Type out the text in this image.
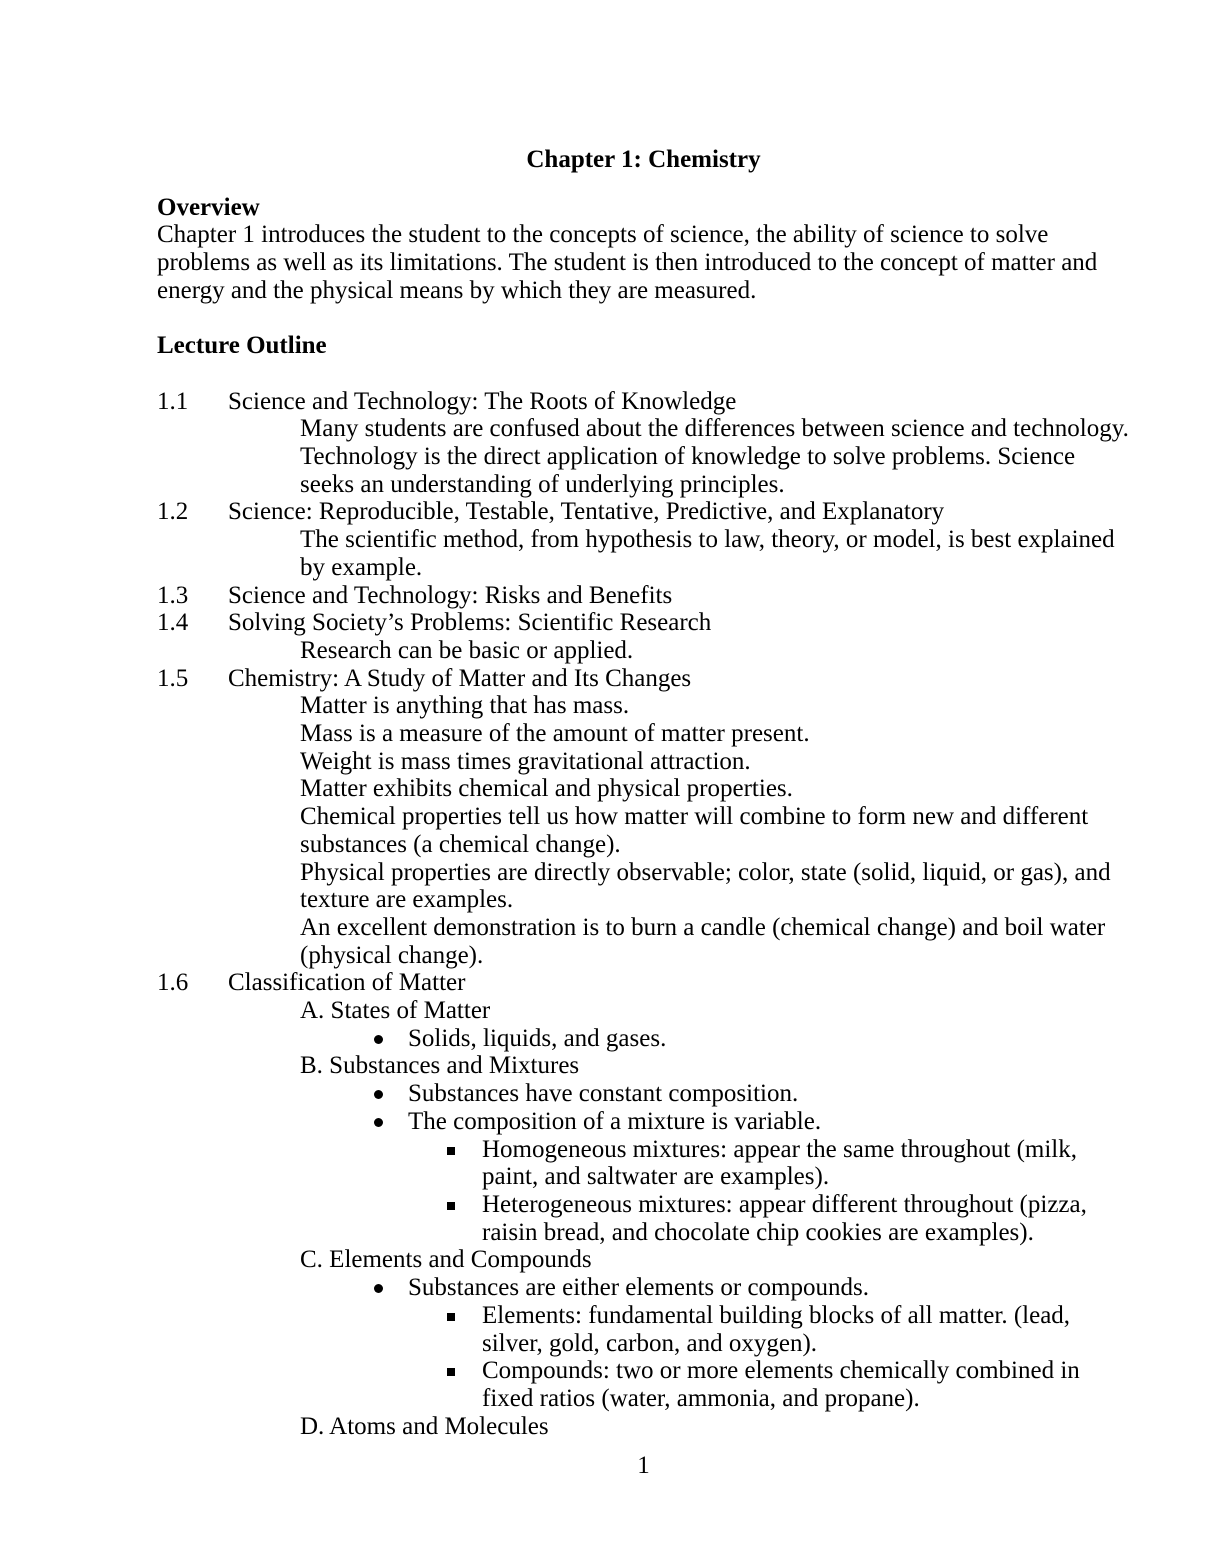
Chapter 1: Chemistry

Overview

Chapter 1 introduces the student to the concepts of science, the ability of science to solve problems as well as its limitations. The student is then introduced to the concept of matter and energy and the physical means by which they are measured.

Lecture Outline

1.1	Science and Technology: The Roots of Knowledge

Many students are confused about the differences between science and technology.

Technology is the direct application of knowledge to solve problems. Science seeks an understanding of underlying principles.

1.2	Science: Reproducible, Testable, Tentative, Predictive, and Explanatory

The scientific method, from hypothesis to law, theory, or model, is best explained by example.

1.3	Science and Technology: Risks and Benefits
1.4	Solving Society’s Problems: Scientific Research

Research can be basic or applied.

1.5	Chemistry: A Study of Matter and Its Changes

Matter is anything that has mass.

Mass is a measure of the amount of matter present.

Weight is mass times gravitational attraction.

Matter exhibits chemical and physical properties.

Chemical properties tell us how matter will combine to form new and different substances (a chemical change).

Physical properties are directly observable; color, state (solid, liquid, or gas), and texture are examples.

An excellent demonstration is to burn a candle (chemical change) and boil water (physical change).

1.6	Classification of Matter

A. States of Matter

Solids, liquids, and gases.

B. Substances and Mixtures

Substances have constant composition.
The composition of a mixture is variable.
Homogeneous mixtures: appear the same throughout (milk, paint, and saltwater are examples).
Heterogeneous mixtures: appear different throughout (pizza, raisin bread, and chocolate chip cookies are examples).

C. Elements and Compounds

Substances are either elements or compounds.
Elements: fundamental building blocks of all matter. (lead, silver, gold, carbon, and oxygen).
Compounds: two or more elements chemically combined in fixed ratios (water, ammonia, and propane).

D. Atoms and Molecules

1
